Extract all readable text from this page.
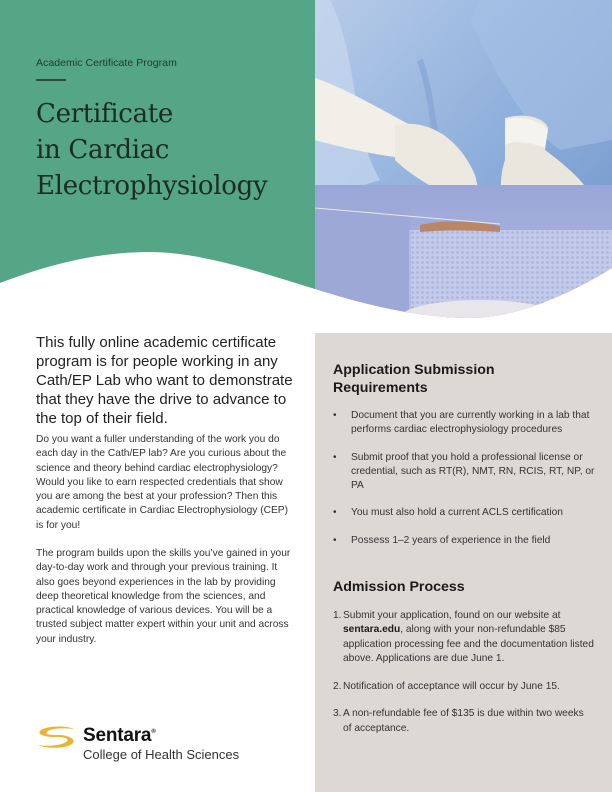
Academic Certificate Program
Certificate
in Cardiac
Electrophysiology

This fully online academic certificate program is for people working in any Cath/EP Lab who want to demonstrate that they have the drive to advance to the top of their field.

Do you want a fuller understanding of the work you do each day in the Cath/EP lab? Are you curious about the science and theory behind cardiac electrophysiology? Would you like to earn respected credentials that show you are among the best at your profession? Then this academic certificate in Cardiac Electrophysiology (CEP) is for you!

The program builds upon the skills you’ve gained in your day-to-day work and through your previous training. It also goes beyond experiences in the lab by providing deep theoretical knowledge from the sciences, and practical knowledge of various devices. You will be a trusted subject matter expert within your unit and across your industry.

Sentara®
College of Health Sciences
Application Submission Requirements
• Document that you are currently working in a lab that performs cardiac electrophysiology procedures
• Submit proof that you hold a professional license or credential, such as RT(R), NMT, RN, RCIS, RT, NP, or PA
• You must also hold a current ACLS certification
• Possess 1–2 years of experience in the field
Admission Process
1. Submit your application, found on our website at sentara.edu, along with your non-refundable $85 application processing fee and the documentation listed above. Applications are due June 1.
2. Notification of acceptance will occur by June 15.
3. A non-refundable fee of $135 is due within two weeks of acceptance.
